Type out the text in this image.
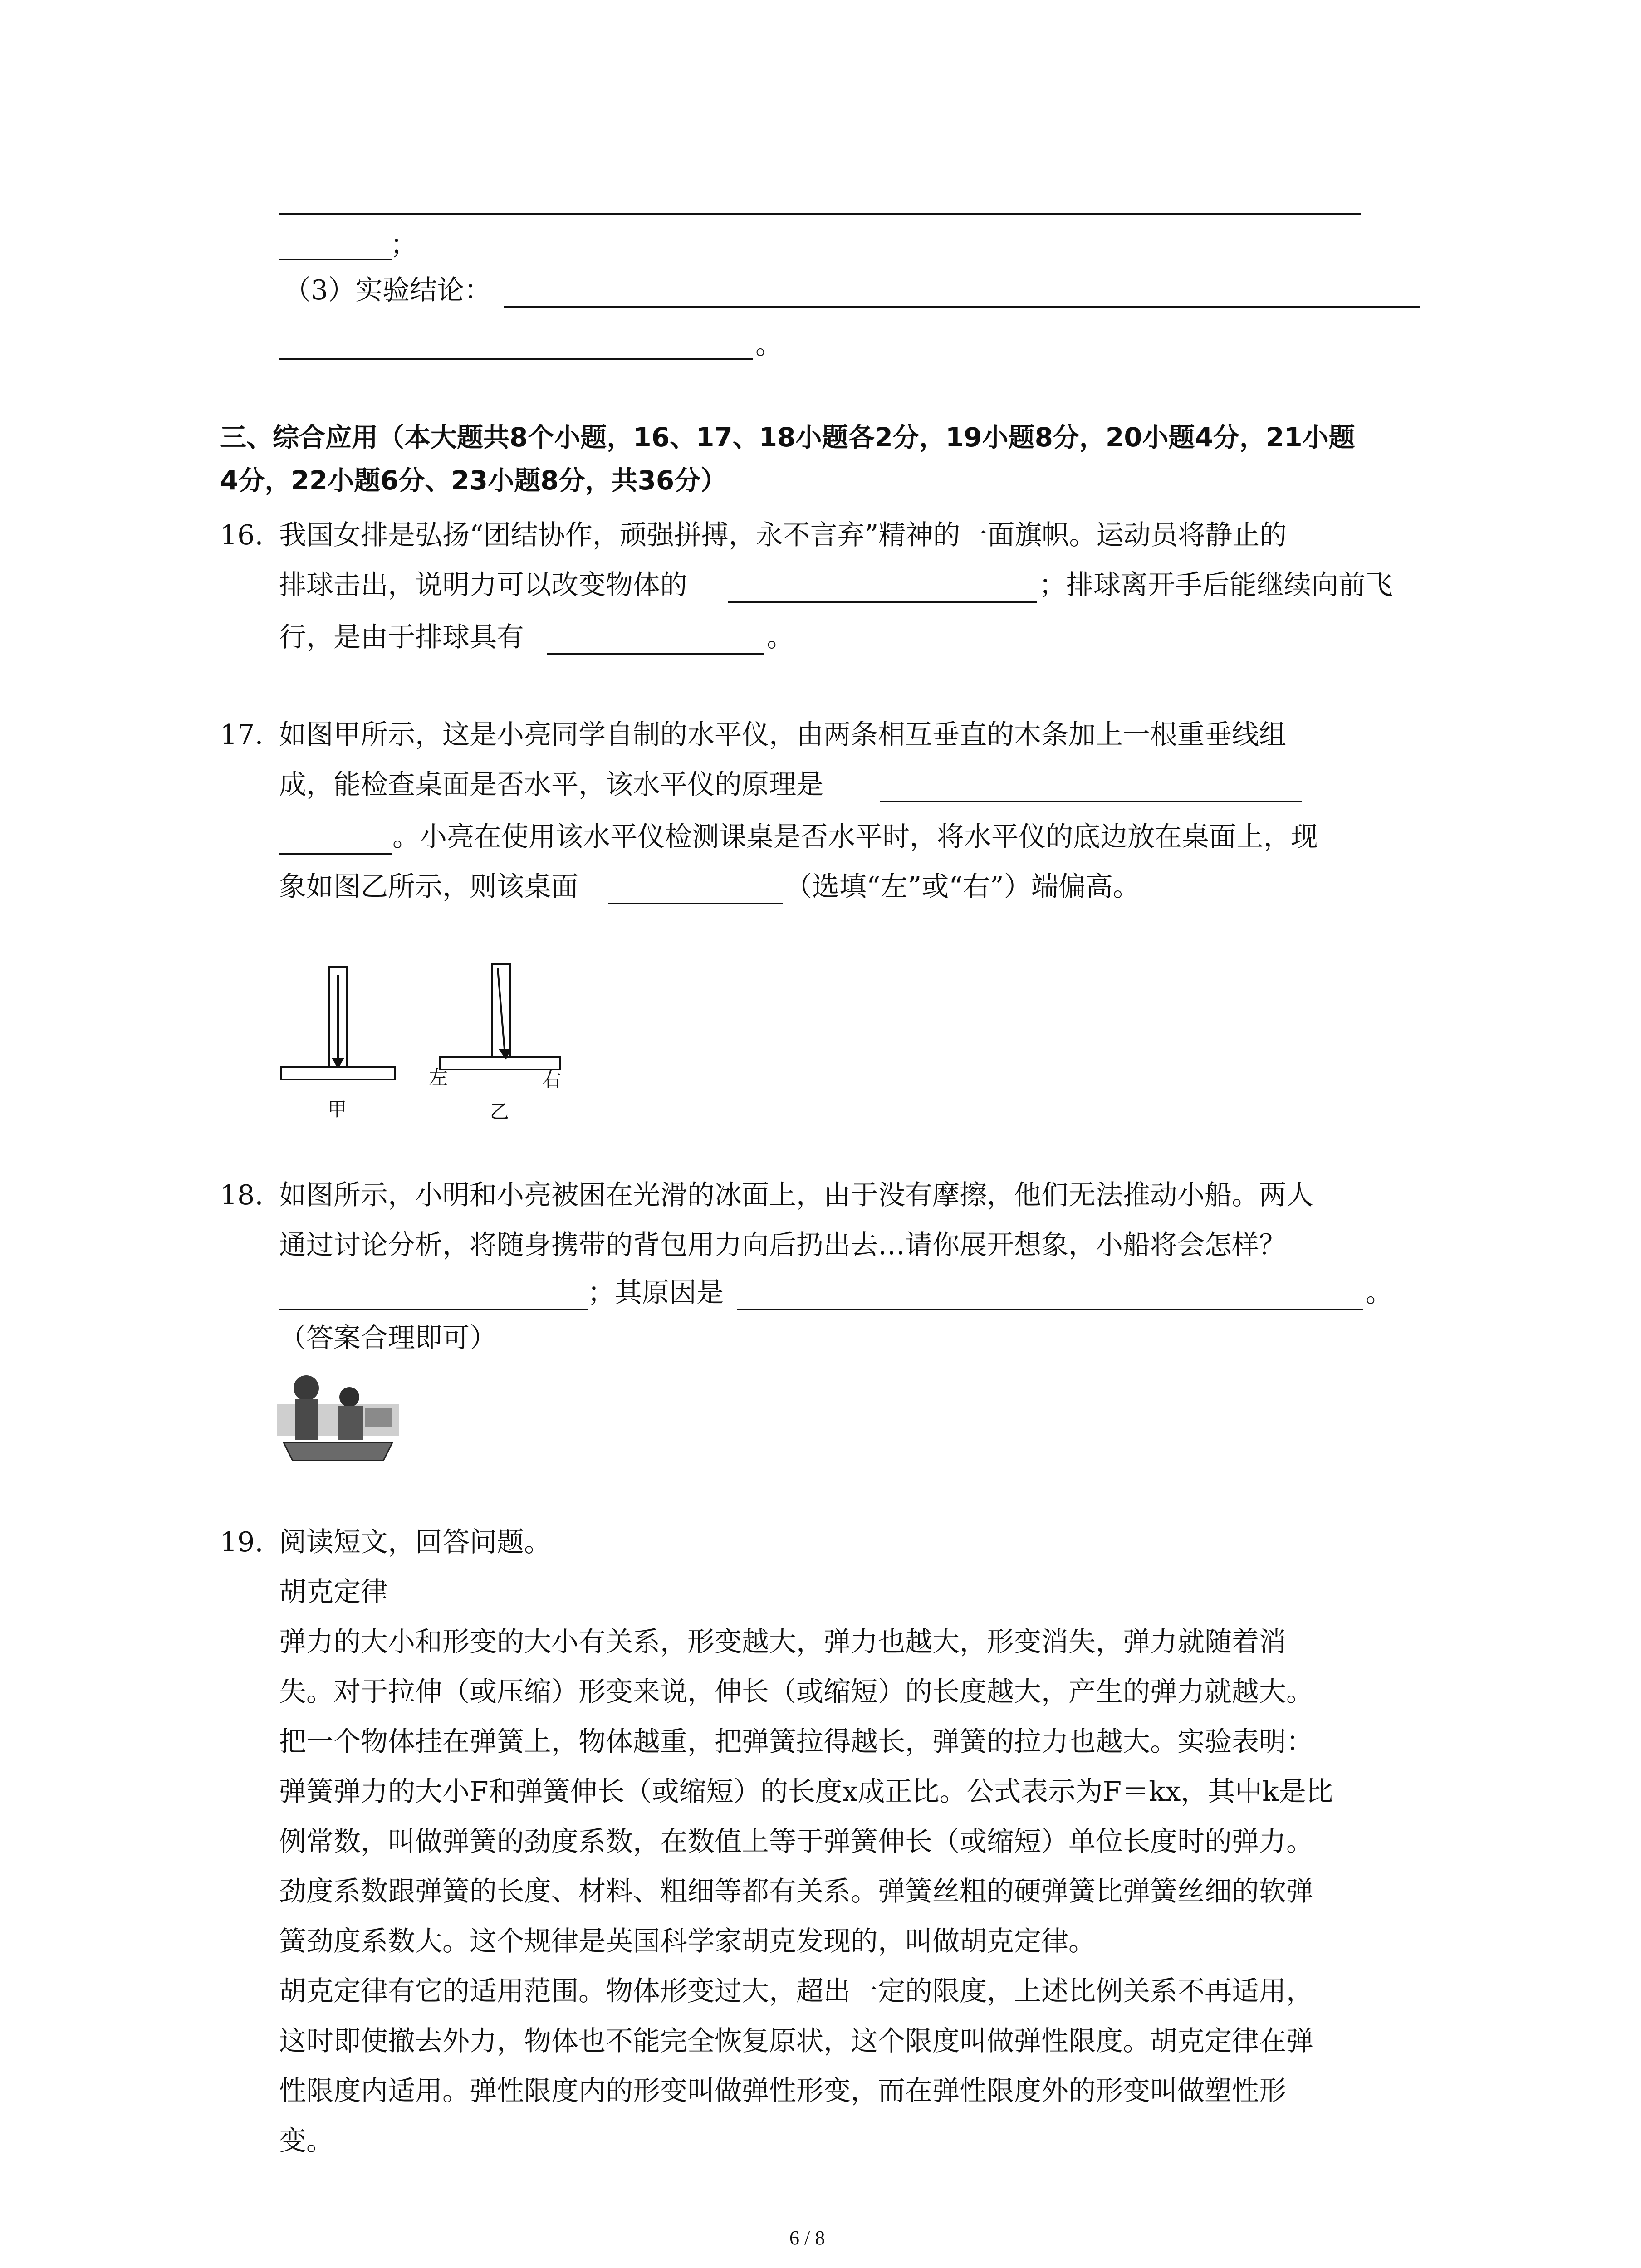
；
（3）实验结论：
。
三、综合应用（本大题共8个小题，16、17、18小题各2分，19小题8分，20小题4分，21小题
4分，22小题6分、23小题8分，共36分）
16. 我国女排是弘扬“团结协作，顽强拼搏，永不言弃”精神的一面旗帜。运动员将静止的
排球击出，说明力可以改变物体的	；排球离开手后能继续向前飞
行，是由于排球具有	。
17. 如图甲所示，这是小亮同学自制的水平仪，由两条相互垂直的木条加上一根重垂线组
成，能检查桌面是否水平，该水平仪的原理是
。小亮在使用该水平仪检测课桌是否水平时，将水平仪的底边放在桌面上，现
象如图乙所示，则该桌面	（选填“左”或“右”）端偏高。
甲	乙
左	右
18. 如图所示，小明和小亮被困在光滑的冰面上，由于没有摩擦，他们无法推动小船。两人
通过讨论分析，将随身携带的背包用力向后扔出去…请你展开想象，小船将会怎样？
；其原因是	。
（答案合理即可）
19. 阅读短文，回答问题。
胡克定律
弹力的大小和形变的大小有关系，形变越大，弹力也越大，形变消失，弹力就随着消
失。对于拉伸（或压缩）形变来说，伸长（或缩短）的长度越大，产生的弹力就越大。
把一个物体挂在弹簧上，物体越重，把弹簧拉得越长，弹簧的拉力也越大。实验表明：
弹簧弹力的大小F和弹簧伸长（或缩短）的长度x成正比。公式表示为F＝kx，其中k是比
例常数，叫做弹簧的劲度系数，在数值上等于弹簧伸长（或缩短）单位长度时的弹力。
劲度系数跟弹簧的长度、材料、粗细等都有关系。弹簧丝粗的硬弹簧比弹簧丝细的软弹
簧劲度系数大。这个规律是英国科学家胡克发现的，叫做胡克定律。
胡克定律有它的适用范围。物体形变过大，超出一定的限度，上述比例关系不再适用，
这时即使撤去外力，物体也不能完全恢复原状，这个限度叫做弹性限度。胡克定律在弹
性限度内适用。弹性限度内的形变叫做弹性形变，而在弹性限度外的形变叫做塑性形
变。
6 / 8
